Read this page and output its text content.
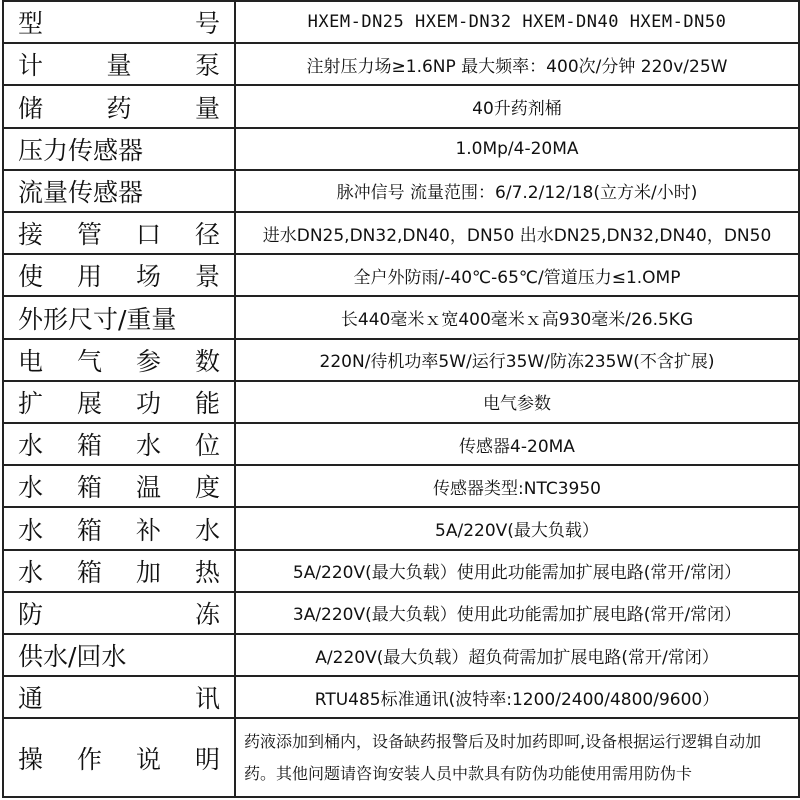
型 号	HXEM-DN25 HXEM-DN32 HXEM-DN40 HXEM-DN50

计 量 泵	注射压力场≥1.6NP 最大频率：400次/分钟 220v/25W

储 药 量	40升药剂桶

压力传感器	1.0Mp/4-20MA

流量传感器	脉冲信号 流量范围：6/7.2/12/18(立方米/小时)

接 管 口 径	进水DN25,DN32,DN40，DN50 出水DN25,DN32,DN40，DN50

使 用 场 景	全户外防雨/-40℃-65℃/管道压力≤1.OMP

外形尺寸/重量	长440毫米ｘ宽400毫米ｘ高930毫米/26.5KG

电 气 参 数	220N/待机功率5W/运行35W/防冻235W(不含扩展)

扩 展 功 能	电气参数

水 箱 水 位	传感器4-20MA

水 箱 温 度	传感器类型:NTC3950

水 箱 补 水	5A/220V(最大负载）

水 箱 加 热	5A/220V(最大负载）使用此功能需加扩展电路(常开/常闭）

防 冻	3A/220V(最大负载）使用此功能需加扩展电路(常开/常闭）

供水/回水	A/220V(最大负载）超负荷需加扩展电路(常开/常闭）

通 讯	RTU485标准通讯(波特率:1200/2400/4800/9600）

操 作 说 明	药液添加到桶内，设备缺药报警后及时加药即呵,设备根据运行逻辑自动加药。其他问题请咨询安装人员中款具有防伪功能使用需用防伪卡
